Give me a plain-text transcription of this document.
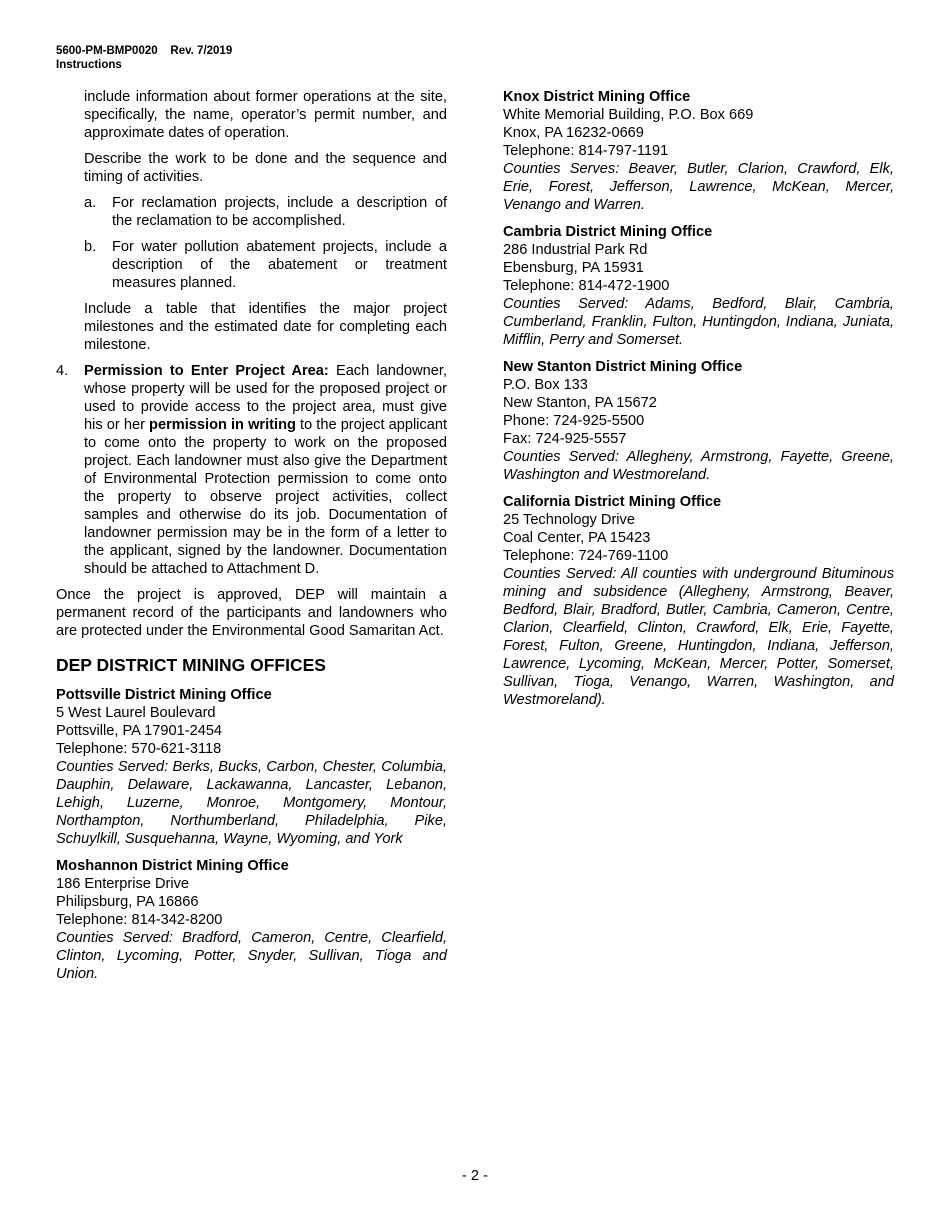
5600-PM-BMP0020 Rev. 7/2019
Instructions

include information about former operations at the site, specifically, the name, operator’s permit number, and approximate dates of operation.

Describe the work to be done and the sequence and timing of activities.

a.	For reclamation projects, include a description of the reclamation to be accomplished.
b.	For water pollution abatement projects, include a description of the abatement or treatment measures planned.

Include a table that identifies the major project milestones and the estimated date for completing each milestone.

4.	Permission to Enter Project Area: Each landowner, whose property will be used for the proposed project or used to provide access to the project area, must give his or her permission in writing to the project applicant to come onto the property to work on the proposed project. Each landowner must also give the Department of Environmental Protection permission to come onto the property to observe project activities, collect samples and otherwise do its job. Documentation of landowner permission may be in the form of a letter to the applicant, signed by the landowner. Documentation should be attached to Attachment D.

Once the project is approved, DEP will maintain a permanent record of the participants and landowners who are protected under the Environmental Good Samaritan Act.

DEP DISTRICT MINING OFFICES
Pottsville District Mining Office
5 West Laurel Boulevard
Pottsville, PA 17901-2454
Telephone: 570-621-3118
Counties Served: Berks, Bucks, Carbon, Chester, Columbia, Dauphin, Delaware, Lackawanna, Lancaster, Lebanon, Lehigh, Luzerne, Monroe, Montgomery, Montour, Northampton, Northumberland, Philadelphia, Pike, Schuylkill, Susquehanna, Wayne, Wyoming, and York
Moshannon District Mining Office
186 Enterprise Drive
Philipsburg, PA 16866
Telephone: 814-342-8200
Counties Served: Bradford, Cameron, Centre, Clearfield, Clinton, Lycoming, Potter, Snyder, Sullivan, Tioga and Union.
Knox District Mining Office
White Memorial Building, P.O. Box 669
Knox, PA 16232-0669
Telephone: 814-797-1191
Counties Serves: Beaver, Butler, Clarion, Crawford, Elk, Erie, Forest, Jefferson, Lawrence, McKean, Mercer, Venango and Warren.
Cambria District Mining Office
286 Industrial Park Rd
Ebensburg, PA 15931
Telephone: 814-472-1900
Counties Served: Adams, Bedford, Blair, Cambria, Cumberland, Franklin, Fulton, Huntingdon, Indiana, Juniata, Mifflin, Perry and Somerset.
New Stanton District Mining Office
P.O. Box 133
New Stanton, PA 15672
Phone: 724-925-5500
Fax: 724-925-5557
Counties Served: Allegheny, Armstrong, Fayette, Greene, Washington and Westmoreland.
California District Mining Office
25 Technology Drive
Coal Center, PA 15423
Telephone: 724-769-1100
Counties Served: All counties with underground Bituminous mining and subsidence (Allegheny, Armstrong, Beaver, Bedford, Blair, Bradford, Butler, Cambria, Cameron, Centre, Clarion, Clearfield, Clinton, Crawford, Elk, Erie, Fayette, Forest, Fulton, Greene, Huntingdon, Indiana, Jefferson, Lawrence, Lycoming, McKean, Mercer, Potter, Somerset, Sullivan, Tioga, Venango, Warren, Washington, and Westmoreland).
- 2 -
